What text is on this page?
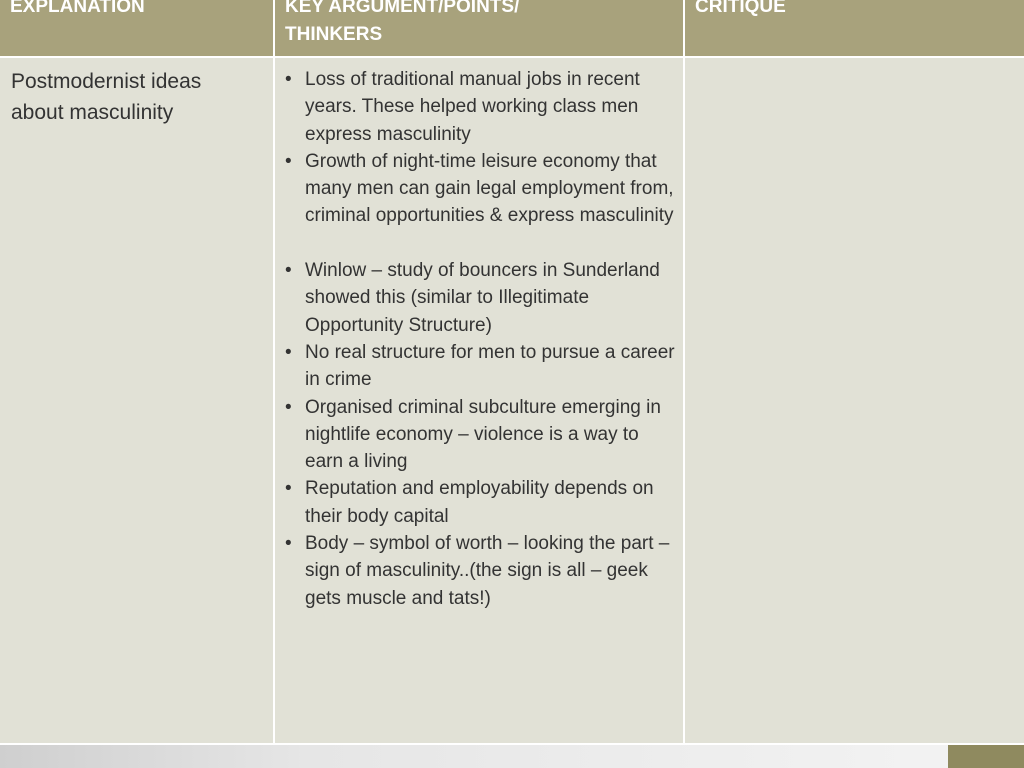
EXPLANATION	KEY ARGUMENT/POINTS/ THINKERS
CRITIQUE
Postmodernist ideas about masculinity
• Loss of traditional manual jobs in recent years. These helped working class men express masculinity
• Growth of night-time leisure economy that many men can gain legal employment from, criminal opportunities & express masculinity
• Winlow – study of bouncers in Sunderland showed this (similar to Illegitimate Opportunity Structure)
• No real structure for men to pursue a career in crime
• Organised criminal subculture emerging in nightlife economy – violence is a way to earn a living
• Reputation and employability depends on their body capital
• Body – symbol of worth – looking the part – sign of masculinity..(the sign is all – geek gets muscle and tats!)
